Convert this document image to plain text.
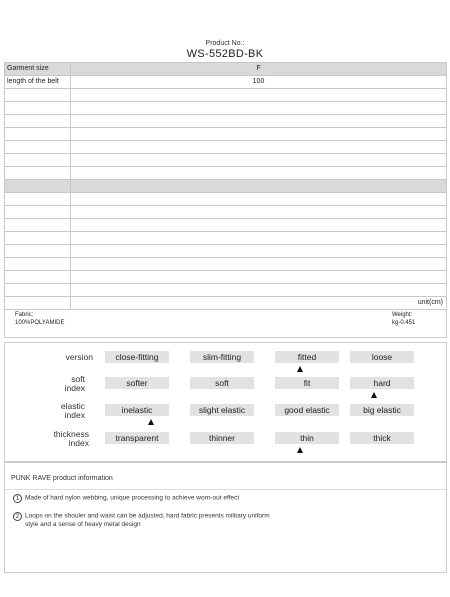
Product No.:
WS-552BD-BK
Garment size	F
length of the belt	100

	unit(cm)
Fabric:
100%POLYAMIDE
Weight:
kg-0.451
version	close-fitting	slim-fitting	fitted	loose
soft
index	softer	soft	fit	hard
elastic
index	inelastic	slight elastic	good elastic	big elastic
thickness
index	transparent	thinner	thin	thick
PUNK RAVE product information
1 Made of hard nylon webbing, unique processing to achieve worn-out effect
2 Loops on the shouler and waist can be adjusted, hard fabric presents military uniform
style and a sense of heavy metal design
